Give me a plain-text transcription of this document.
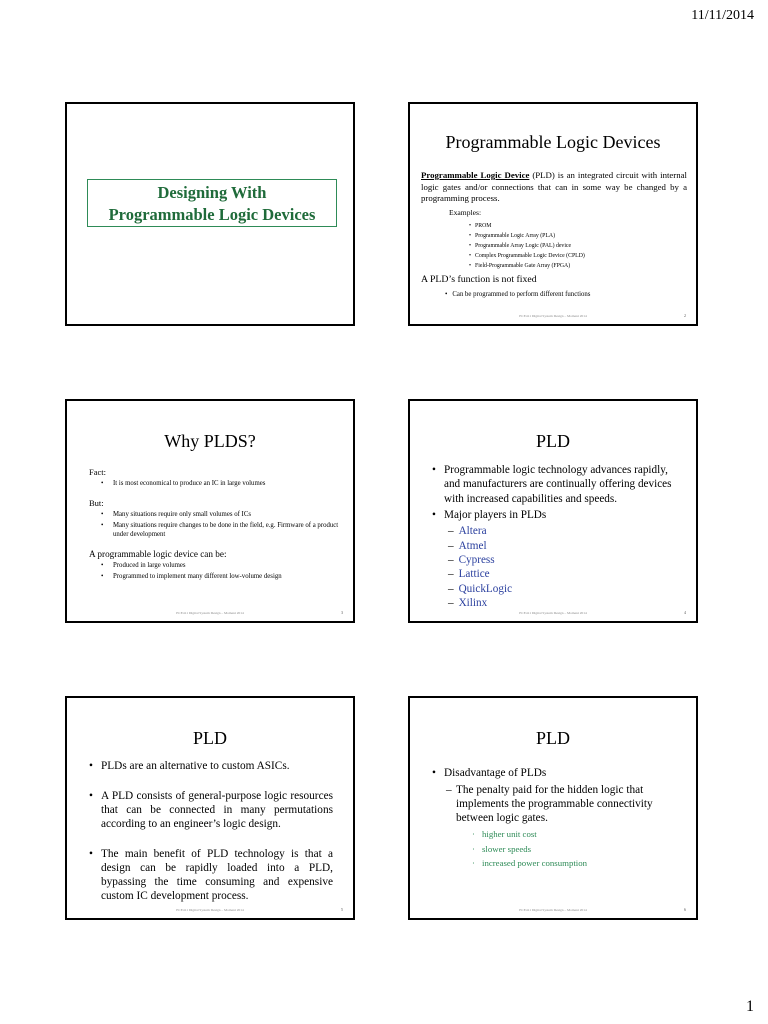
11/11/2014
Designing With
Programmable Logic Devices
Programmable Logic Devices
Programmable Logic Device (PLD) is an integrated circuit with internal logic gates and/or connections that can in some way be changed by a programming process.
Examples:
• PROM
• Programmable Logic Array (PLA)
• Programmable Array Logic (PAL) device
• Complex Programmable Logic Device (CPLD)
• Field-Programmable Gate Array (FPGA)
A PLD’s function is not fixed
• Can be programmed to perform different functions
ECE411 Digital System Design – Momeni 2014	2
Why PLDS?
Fact:
• It is most economical to produce an IC in large volumes
But:
• Many situations require only small volumes of ICs
• Many situations require changes to be done in the field, e.g. Firmware of a product under development
A programmable logic device can be:
• Produced in large volumes
• Programmed to implement many different low-volume design
ECE411 Digital System Design – Momeni 2014	3
PLD
• Programmable logic technology advances rapidly, and manufacturers are continually offering devices with increased capabilities and speeds.
• Major players in PLDs
– Altera
– Atmel
– Cypress
– Lattice
– QuickLogic
– Xilinx
ECE411 Digital System Design – Momeni 2014	4
PLD
• PLDs are an alternative to custom ASICs.
• A PLD consists of general-purpose logic resources that can be connected in many permutations according to an engineer’s logic design.
• The main benefit of PLD technology is that a design can be rapidly loaded into a PLD, bypassing the time consuming and expensive custom IC development process.
ECE411 Digital System Design – Momeni 2014	5
PLD
• Disadvantage of PLDs
– The penalty paid for the hidden logic that implements the programmable connectivity between logic gates.
· higher unit cost
· slower speeds
· increased power consumption
ECE411 Digital System Design – Momeni 2014	6
1
